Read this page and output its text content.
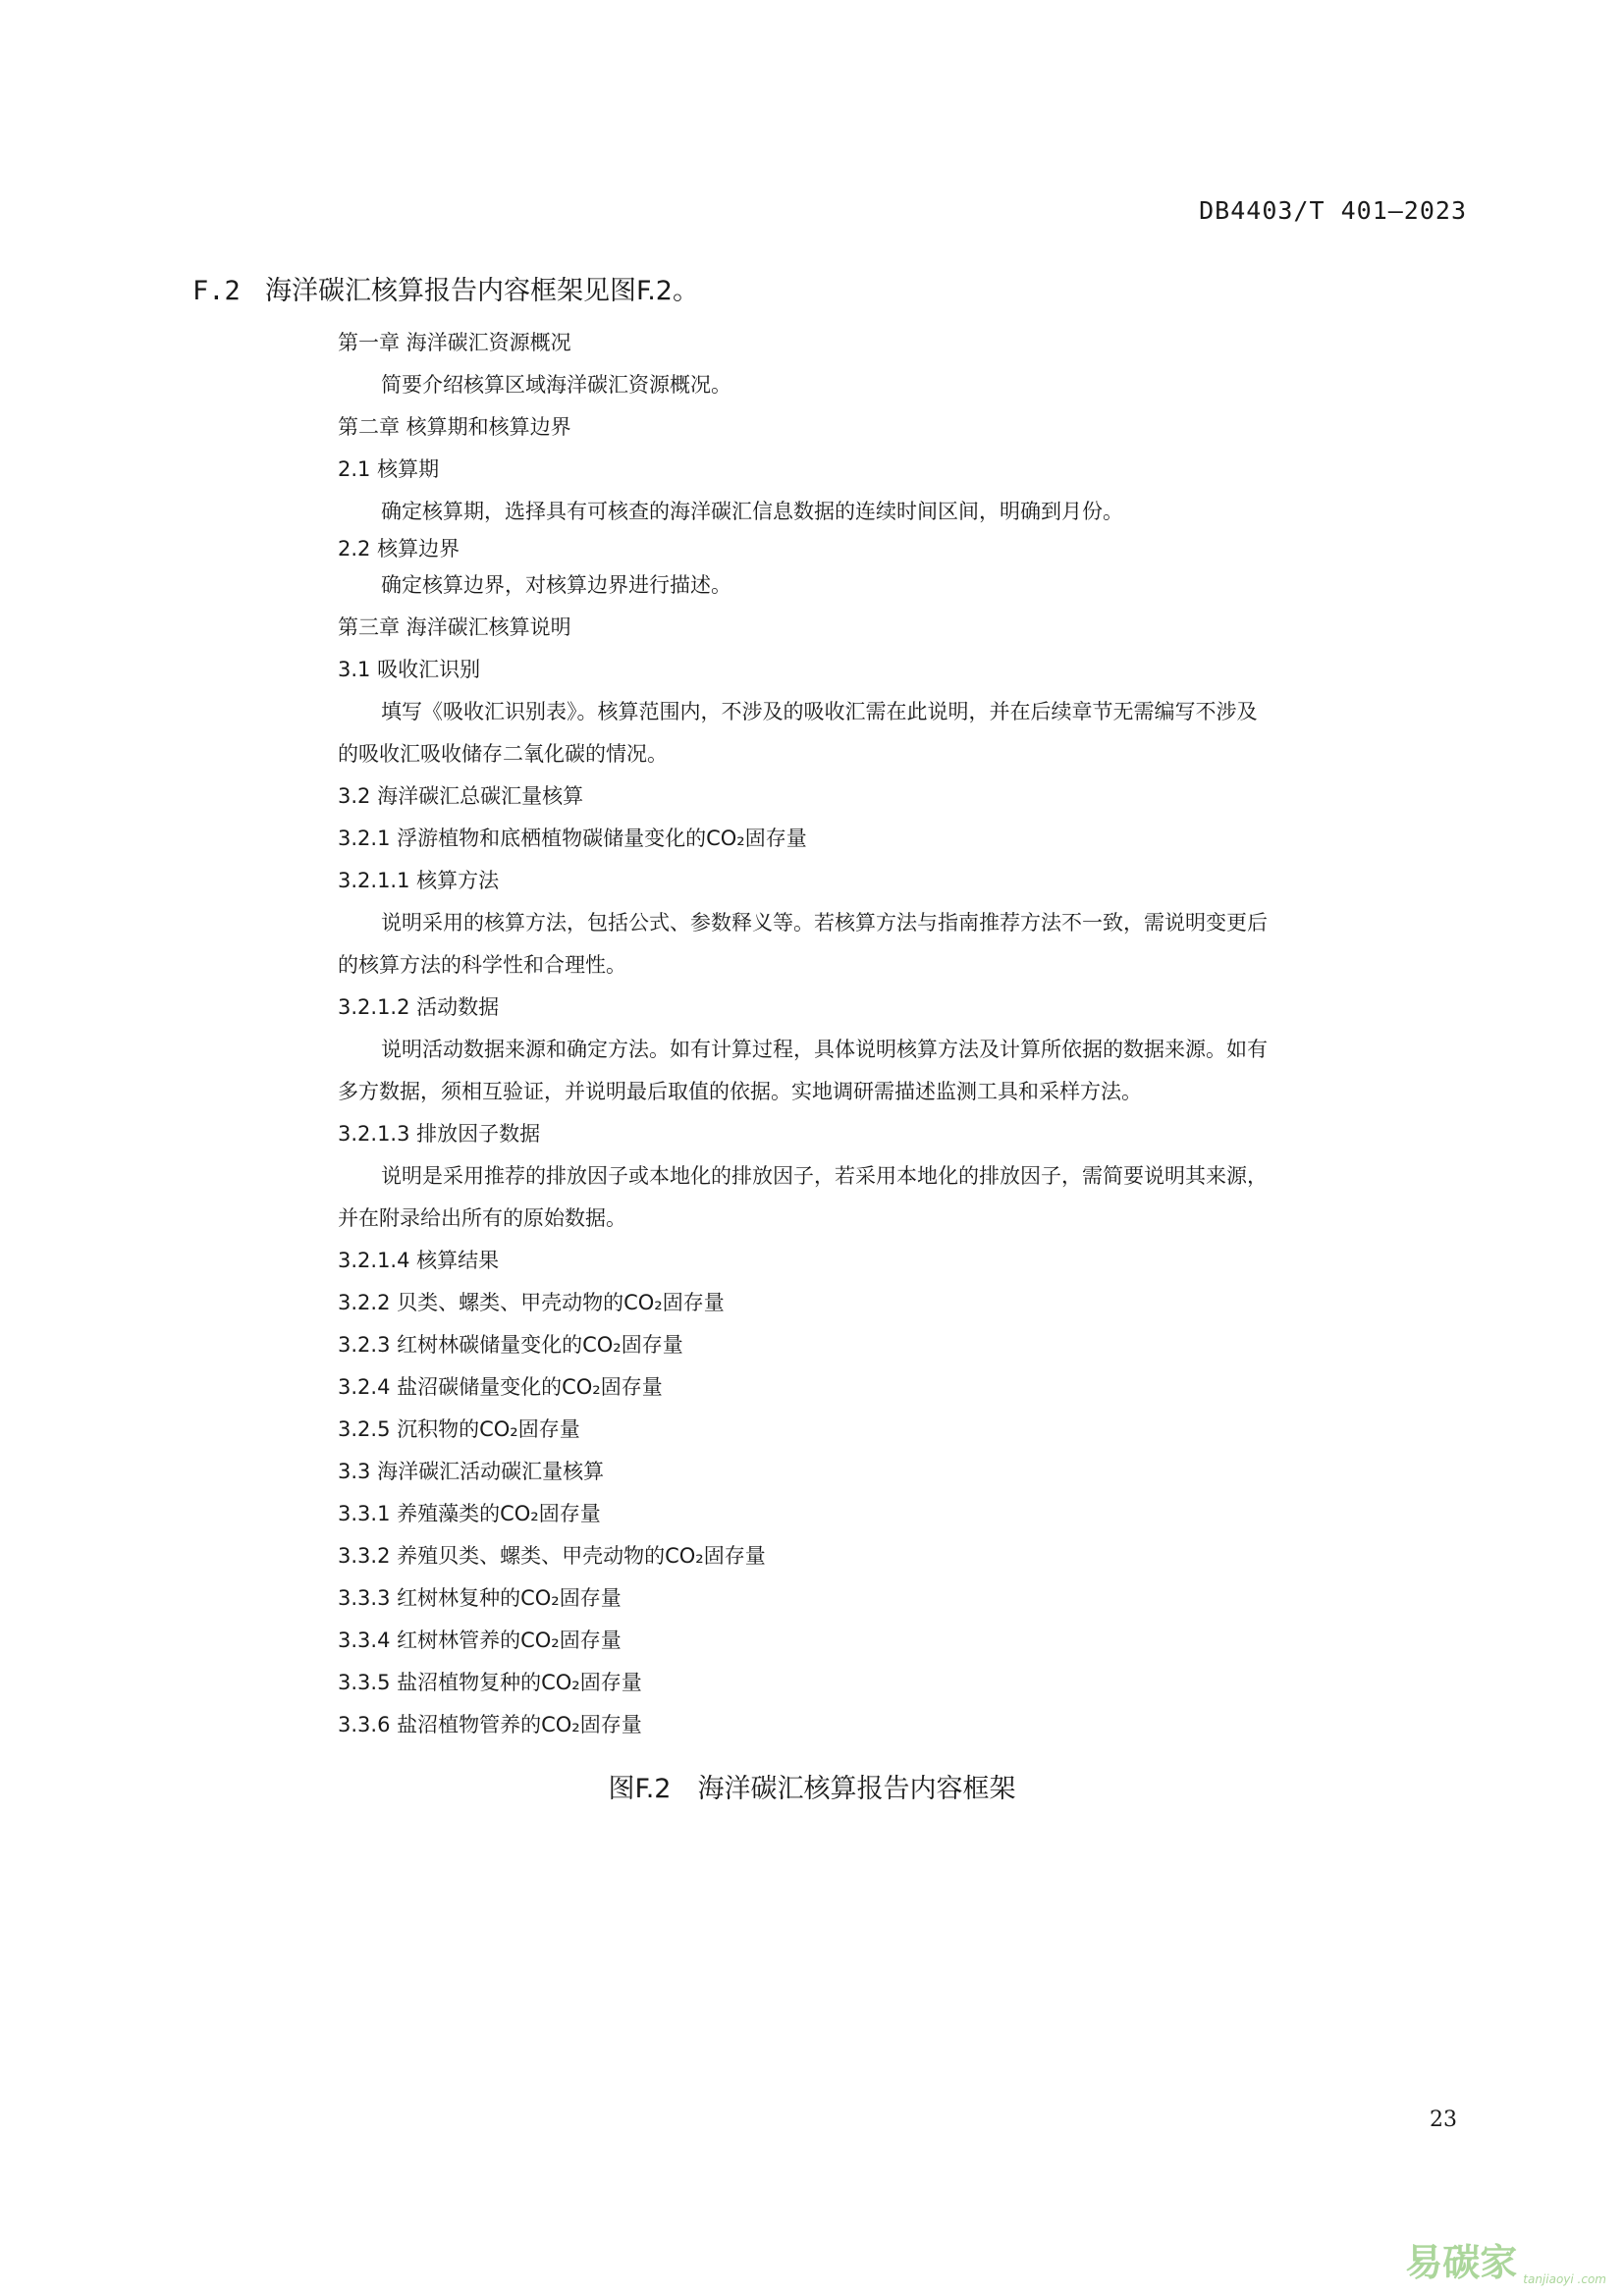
DB4403/T 401—2023
F.2 海洋碳汇核算报告内容框架见图F.2。
第一章 海洋碳汇资源概况
简要介绍核算区域海洋碳汇资源概况。
第二章 核算期和核算边界
2.1 核算期
确定核算期，选择具有可核查的海洋碳汇信息数据的连续时间区间，明确到月份。
2.2 核算边界
确定核算边界，对核算边界进行描述。
第三章 海洋碳汇核算说明
3.1 吸收汇识别
填写《吸收汇识别表》。核算范围内，不涉及的吸收汇需在此说明，并在后续章节无需编写不涉及
的吸收汇吸收储存二氧化碳的情况。
3.2 海洋碳汇总碳汇量核算
3.2.1 浮游植物和底栖植物碳储量变化的CO₂固存量
3.2.1.1 核算方法
说明采用的核算方法，包括公式、参数释义等。若核算方法与指南推荐方法不一致，需说明变更后
的核算方法的科学性和合理性。
3.2.1.2 活动数据
说明活动数据来源和确定方法。如有计算过程，具体说明核算方法及计算所依据的数据来源。如有
多方数据，须相互验证，并说明最后取值的依据。实地调研需描述监测工具和采样方法。
3.2.1.3 排放因子数据
说明是采用推荐的排放因子或本地化的排放因子，若采用本地化的排放因子，需简要说明其来源，
并在附录给出所有的原始数据。
3.2.1.4 核算结果
3.2.2 贝类、螺类、甲壳动物的CO₂固存量
3.2.3 红树林碳储量变化的CO₂固存量
3.2.4 盐沼碳储量变化的CO₂固存量
3.2.5 沉积物的CO₂固存量
3.3 海洋碳汇活动碳汇量核算
3.3.1 养殖藻类的CO₂固存量
3.3.2 养殖贝类、螺类、甲壳动物的CO₂固存量
3.3.3 红树林复种的CO₂固存量
3.3.4 红树林管养的CO₂固存量
3.3.5 盐沼植物复种的CO₂固存量
3.3.6 盐沼植物管养的CO₂固存量
图F.2　海洋碳汇核算报告内容框架
23
易碳家 tanjiaoyi .com
